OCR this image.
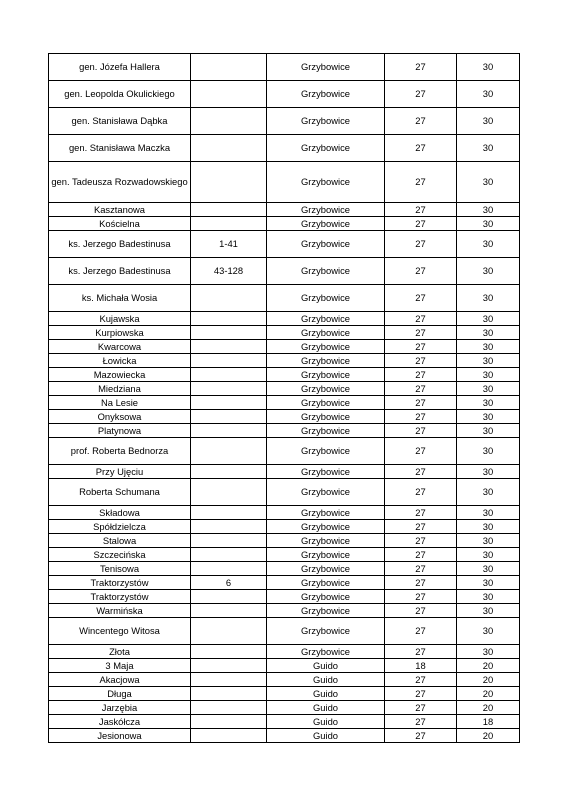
gen. Józefa Hallera		Grzybowice	27	30
gen. Leopolda Okulickiego		Grzybowice	27	30
gen. Stanisława Dąbka		Grzybowice	27	30
gen. Stanisława Maczka		Grzybowice	27	30
gen. Tadeusza Rozwadowskiego		Grzybowice	27	30
Kasztanowa		Grzybowice	27	30
Kościelna		Grzybowice	27	30
ks. Jerzego Badestinusa	1-41	Grzybowice	27	30
ks. Jerzego Badestinusa	43-128	Grzybowice	27	30
ks. Michała Wosia		Grzybowice	27	30
Kujawska		Grzybowice	27	30
Kurpiowska		Grzybowice	27	30
Kwarcowa		Grzybowice	27	30
Łowicka		Grzybowice	27	30
Mazowiecka		Grzybowice	27	30
Miedziana		Grzybowice	27	30
Na Lesie		Grzybowice	27	30
Onyksowa		Grzybowice	27	30
Platynowa		Grzybowice	27	30
prof. Roberta Bednorza		Grzybowice	27	30
Przy Ujęciu		Grzybowice	27	30
Roberta Schumana		Grzybowice	27	30
Składowa		Grzybowice	27	30
Spółdzielcza		Grzybowice	27	30
Stalowa		Grzybowice	27	30
Szczecińska		Grzybowice	27	30
Tenisowa		Grzybowice	27	30
Traktorzystów	6	Grzybowice	27	30
Traktorzystów		Grzybowice	27	30
Warmińska		Grzybowice	27	30
Wincentego Witosa		Grzybowice	27	30
Złota		Grzybowice	27	30
3 Maja		Guido	18	20
Akacjowa		Guido	27	20
Długa		Guido	27	20
Jarzębia		Guido	27	20
Jaskółcza		Guido	27	18
Jesionowa		Guido	27	20
